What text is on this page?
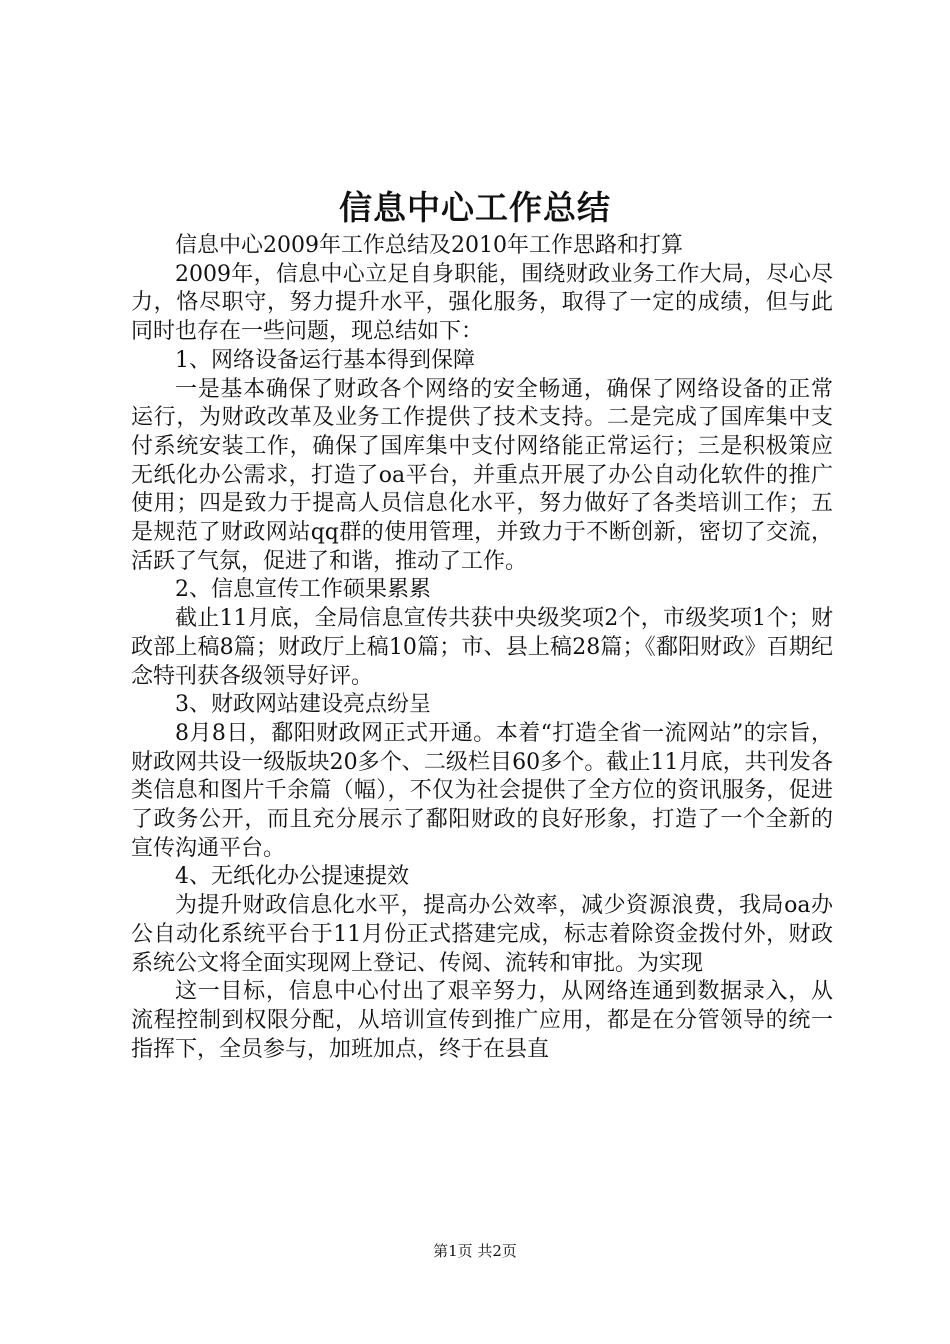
信息中心工作总结

信息中心2009年工作总结及2010年工作思路和打算

2009年，信息中心立足自身职能，围绕财政业务工作大局，尽心尽力，恪尽职守，努力提升水平，强化服务，取得了一定的成绩，但与此同时也存在一些问题，现总结如下：

1、网络设备运行基本得到保障

一是基本确保了财政各个网络的安全畅通，确保了网络设备的正常运行，为财政改革及业务工作提供了技术支持。二是完成了国库集中支付系统安装工作，确保了国库集中支付网络能正常运行；三是积极策应无纸化办公需求，打造了oa平台，并重点开展了办公自动化软件的推广使用；四是致力于提高人员信息化水平，努力做好了各类培训工作；五是规范了财政网站qq群的使用管理，并致力于不断创新，密切了交流，活跃了气氛，促进了和谐，推动了工作。

2、信息宣传工作硕果累累

截止11月底，全局信息宣传共获中央级奖项2个，市级奖项1个；财政部上稿8篇；财政厅上稿10篇；市、县上稿28篇；《鄱阳财政》百期纪念特刊获各级领导好评。

3、财政网站建设亮点纷呈

8月8日，鄱阳财政网正式开通。本着“打造全省一流网站”的宗旨，财政网共设一级版块20多个、二级栏目60多个。截止11月底，共刊发各类信息和图片千余篇（幅），不仅为社会提供了全方位的资讯服务，促进了政务公开，而且充分展示了鄱阳财政的良好形象，打造了一个全新的宣传沟通平台。

4、无纸化办公提速提效

为提升财政信息化水平，提高办公效率，减少资源浪费，我局oa办公自动化系统平台于11月份正式搭建完成，标志着除资金拨付外，财政系统公文将全面实现网上登记、传阅、流转和审批。为实现

这一目标，信息中心付出了艰辛努力，从网络连通到数据录入，从流程控制到权限分配，从培训宣传到推广应用，都是在分管领导的统一指挥下，全员参与，加班加点，终于在县直

第1页 共2页
